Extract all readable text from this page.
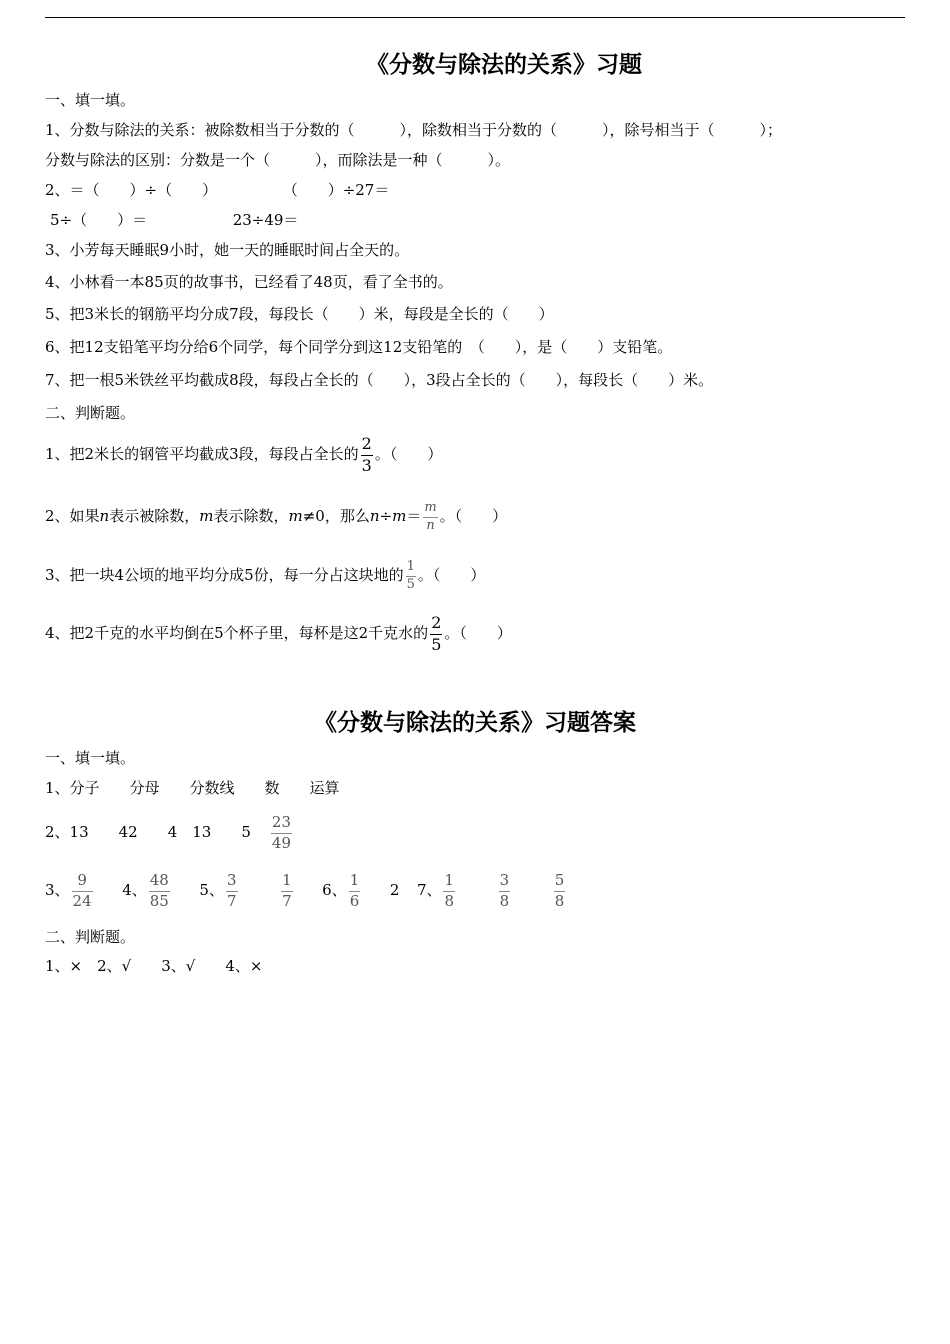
《分数与除法的关系》习题
一、填一填。
1、分数与除法的关系：被除数相当于分数的（　　　），除数相当于分数的（　　　），除号相当于（　　　）；
分数与除法的区别：分数是一个（　　　），而除法是一种（　　　）。
2、＝（　　）÷（　　）	（　　）÷27＝
5÷（　　）＝	23÷49＝
3、小芳每天睡眠9小时，她一天的睡眠时间占全天的。
4、小林看一本85页的故事书，已经看了48页，看了全书的。
5、把3米长的钢筋平均分成7段，每段长（　　）米，每段是全长的（　　）
6、把12支铅笔平均分给6个同学，每个同学分到这12支铅笔的　（　　），是（　　）支铅笔。
7、把一根5米铁丝平均截成8段，每段占全长的（　　），3段占全长的（　　），每段长（　　）米。
二、判断题。
1、把2米长的钢管平均截成3段，每段占全长的 $\frac{2}{3}$ 。（　　）
2、如果n表示被除数，m表示除数，m≠0，那么$n\div m= \frac{m}{n}$ 。（　　）
3、把一块4公顷的地平均分成5份，每一分占这块地的 $\frac{1}{5}$ 。（　　）
4、把2千克的水平均倒在5个杯子里，每杯是这2千克水的 $\frac{2}{5}$ 。（　　）
《分数与除法的关系》习题答案
一、填一填。
1、分子　　分母　　分数线　　数　　运算
2、13　　42　　4　13　　$5 \frac{23}{49}$
3、 $\frac{9}{24} 4$、 $\frac{48}{85} 5$、 $\frac{3}{7}$
	$\frac{1}{7} 6$、 $\frac{1}{6} 2$ 7、 $\frac{1}{8}$
	$\frac{3}{8}$
	$\frac{5}{8}$
二、判断题。
1、×　2、√　　3、√　　4、×
